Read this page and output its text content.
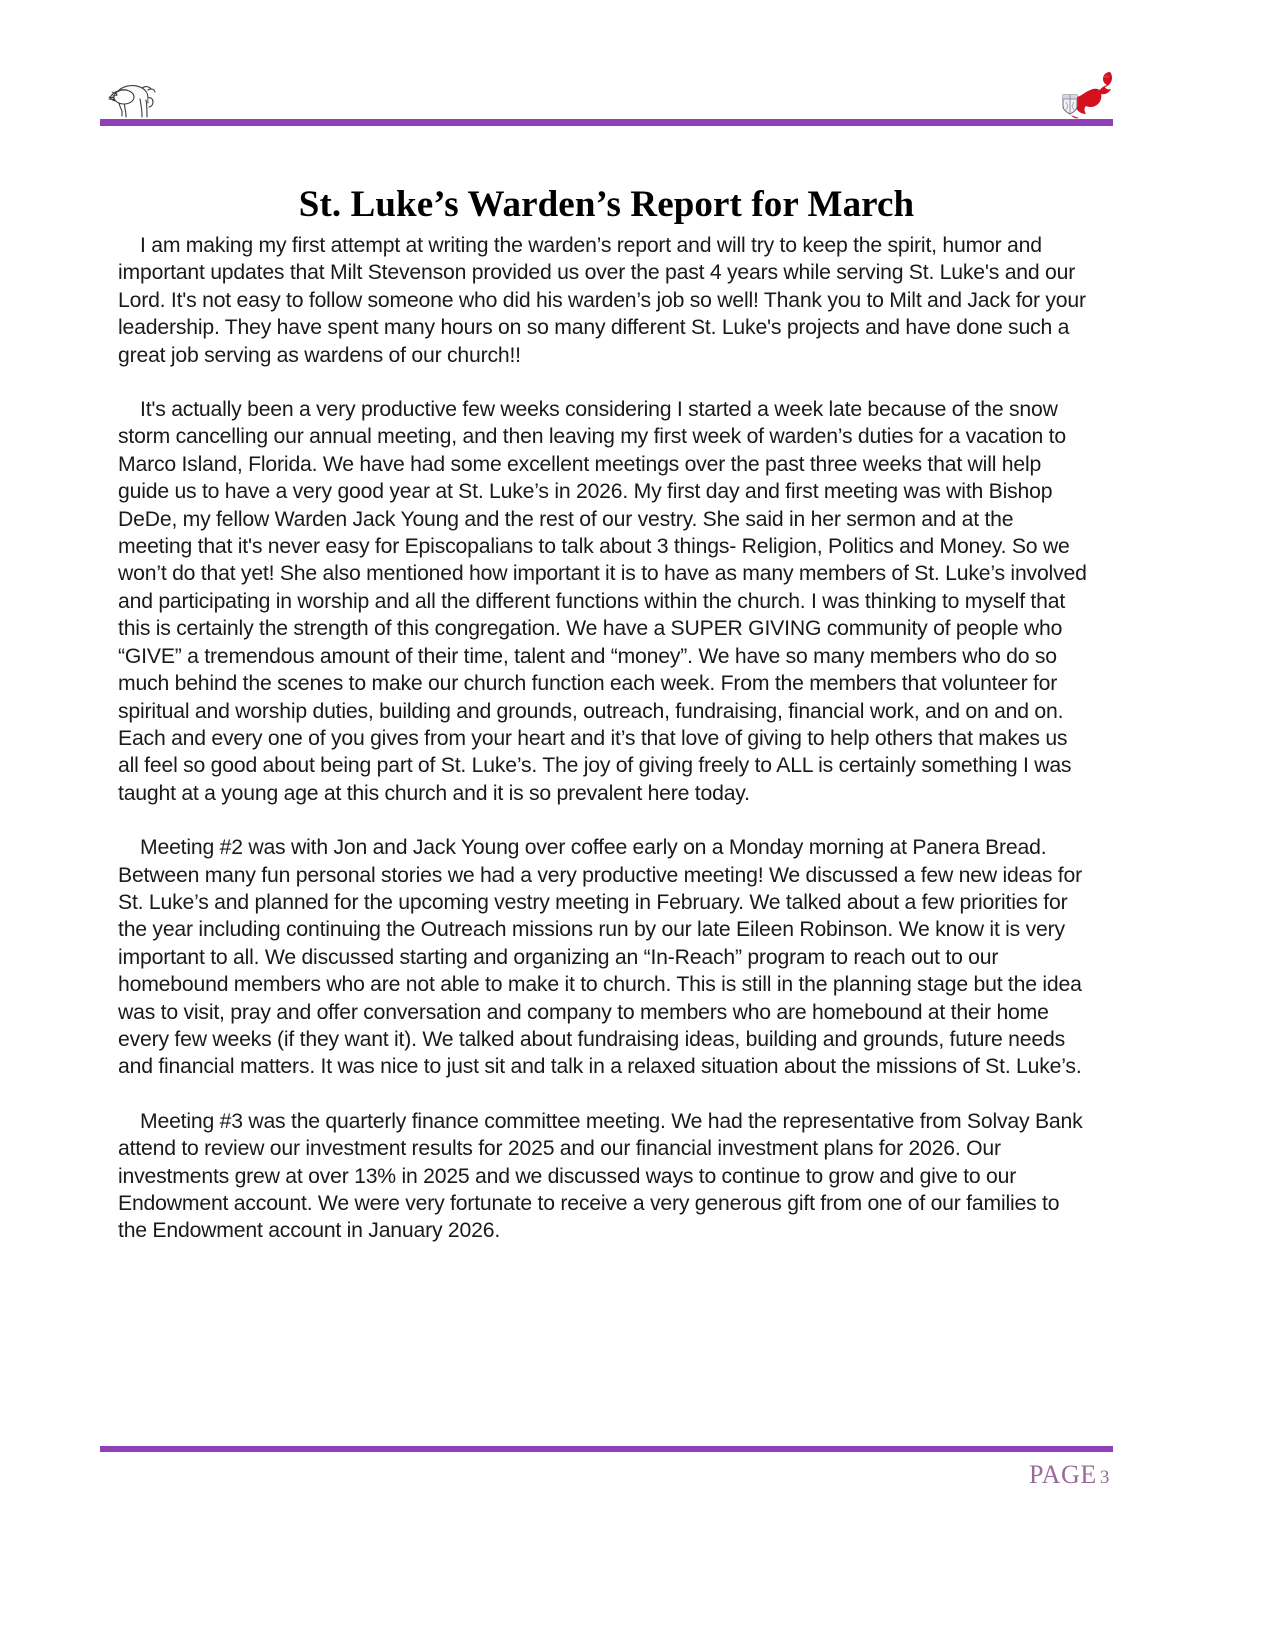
St. Luke’s Warden’s Report for March

I am making my first attempt at writing the warden’s report and will try to keep the spirit, humor and important updates that Milt Stevenson provided us over the past 4 years while serving St. Luke's and our Lord. It's not easy to follow someone who did his warden’s job so well! Thank you to Milt and Jack for your leadership. They have spent many hours on so many different St. Luke's projects and have done such a great job serving as wardens of our church!!

It's actually been a very productive few weeks considering I started a week late because of the snow storm cancelling our annual meeting, and then leaving my first week of warden’s duties for a vacation to Marco Island, Florida. We have had some excellent meetings over the past three weeks that will help guide us to have a very good year at St. Luke’s in 2026. My first day and first meeting was with Bishop DeDe, my fellow Warden Jack Young and the rest of our vestry. She said in her sermon and at the meeting that it's never easy for Episcopalians to talk about 3 things- Religion, Politics and Money. So we won’t do that yet! She also mentioned how important it is to have as many members of St. Luke’s involved and participating in worship and all the different functions within the church. I was thinking to myself that this is certainly the strength of this congregation. We have a SUPER GIVING community of people who “GIVE” a tremendous amount of their time, talent and “money”. We have so many members who do so much behind the scenes to make our church function each week. From the members that volunteer for spiritual and worship duties, building and grounds, outreach, fundraising, financial work, and on and on. Each and every one of you gives from your heart and it’s that love of giving to help others that makes us all feel so good about being part of St. Luke’s. The joy of giving freely to ALL is certainly something I was taught at a young age at this church and it is so prevalent here today.

Meeting #2 was with Jon and Jack Young over coffee early on a Monday morning at Panera Bread. Between many fun personal stories we had a very productive meeting! We discussed a few new ideas for St. Luke’s and planned for the upcoming vestry meeting in February. We talked about a few priorities for the year including continuing the Outreach missions run by our late Eileen Robinson. We know it is very important to all. We discussed starting and organizing an “In-Reach” program to reach out to our homebound members who are not able to make it to church. This is still in the planning stage but the idea was to visit, pray and offer conversation and company to members who are homebound at their home every few weeks (if they want it). We talked about fundraising ideas, building and grounds, future needs and financial matters. It was nice to just sit and talk in a relaxed situation about the missions of St. Luke’s.

Meeting #3 was the quarterly finance committee meeting. We had the representative from Solvay Bank attend to review our investment results for 2025 and our financial investment plans for 2026. Our investments grew at over 13% in 2025 and we discussed ways to continue to grow and give to our Endowment account. We were very fortunate to receive a very generous gift from one of our families to the Endowment account in January 2026.

PAGE 3
